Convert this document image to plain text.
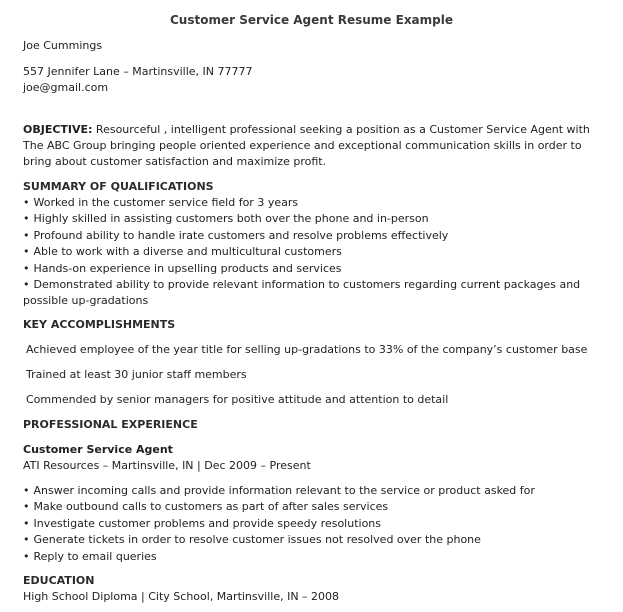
Customer Service Agent Resume Example
Joe Cummings
557 Jennifer Lane – Martinsville, IN 77777
joe@gmail.com
OBJECTIVE: Resourceful , intelligent professional seeking a position as a Customer Service Agent with The ABC Group bringing people oriented experience and exceptional communication skills in order to bring about customer satisfaction and maximize profit.
SUMMARY OF QUALIFICATIONS
• Worked in the customer service field for 3 years
• Highly skilled in assisting customers both over the phone and in-person
• Profound ability to handle irate customers and resolve problems effectively
• Able to work with a diverse and multicultural customers
• Hands-on experience in upselling products and services
• Demonstrated ability to provide relevant information to customers regarding current packages and possible up-gradations
KEY ACCOMPLISHMENTS
Achieved employee of the year title for selling up-gradations to 33% of the company’s customer base
Trained at least 30 junior staff members
Commended by senior managers for positive attitude and attention to detail
PROFESSIONAL EXPERIENCE
Customer Service Agent
ATI Resources – Martinsville, IN | Dec 2009 – Present
• Answer incoming calls and provide information relevant to the service or product asked for
• Make outbound calls to customers as part of after sales services
• Investigate customer problems and provide speedy resolutions
• Generate tickets in order to resolve customer issues not resolved over the phone
• Reply to email queries
EDUCATION
High School Diploma | City School, Martinsville, IN – 2008
